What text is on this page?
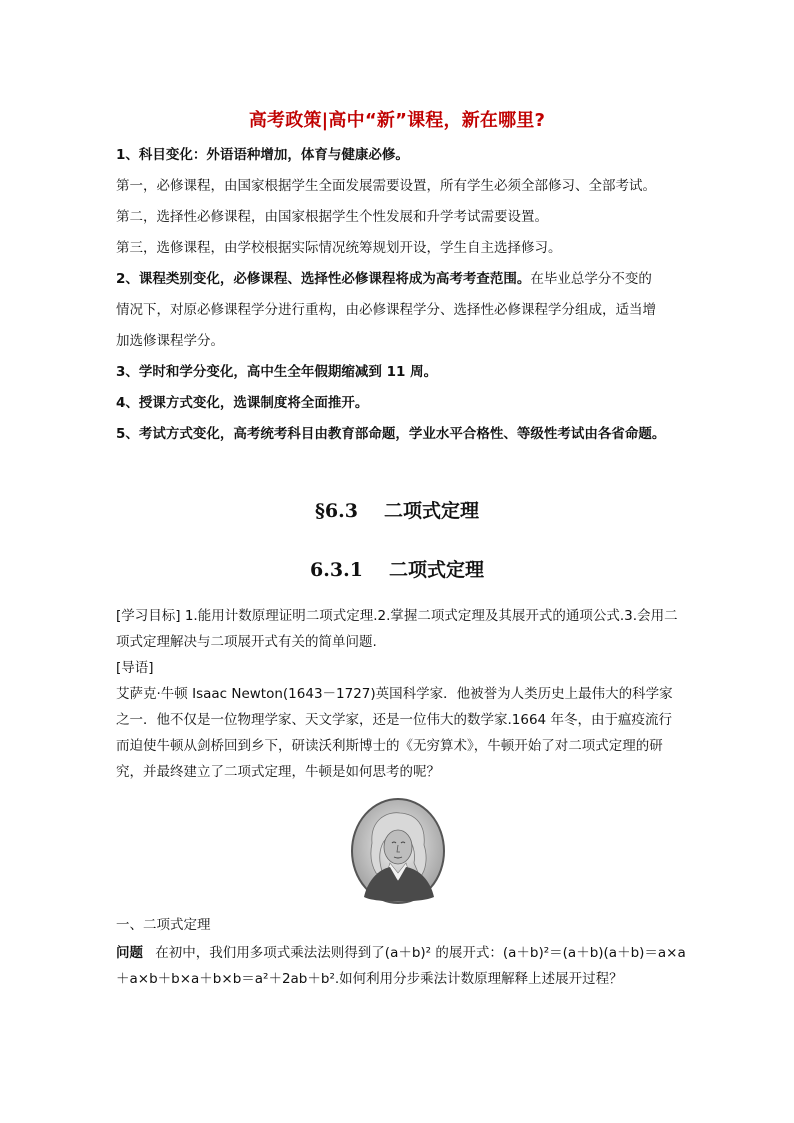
高考政策|高中“新”课程，新在哪里?
1、科目变化：外语语种增加，体育与健康必修。
第一，必修课程，由国家根据学生全面发展需要设置，所有学生必须全部修习、全部考试。
第二，选择性必修课程，由国家根据学生个性发展和升学考试需要设置。
第三，选修课程，由学校根据实际情况统筹规划开设，学生自主选择修习。
2、课程类别变化，必修课程、选择性必修课程将成为高考考查范围。在毕业总学分不变的
情况下，对原必修课程学分进行重构，由必修课程学分、选择性必修课程学分组成，适当增
加选修课程学分。
3、学时和学分变化，高中生全年假期缩减到 11 周。
4、授课方式变化，选课制度将全面推开。
5、考试方式变化，高考统考科目由教育部命题，学业水平合格性、等级性考试由各省命题。
§6.3 二项式定理
6.3.1 二项式定理
[学习目标] 1.能用计数原理证明二项式定理.2.掌握二项式定理及其展开式的通项公式.3.会用二项式定理解决与二项展开式有关的简单问题.
[导语]
艾萨克·牛顿 Isaac Newton(1643－1727)英国科学家．他被誉为人类历史上最伟大的科学家之一．他不仅是一位物理学家、天文学家，还是一位伟大的数学家.1664 年冬，由于瘟疫流行而迫使牛顿从剑桥回到乡下，研读沃利斯博士的《无穷算术》，牛顿开始了对二项式定理的研究，并最终建立了二项式定理，牛顿是如何思考的呢？
一、二项式定理
问题 在初中，我们用多项式乘法法则得到了(a＋b)² 的展开式：(a＋b)²＝(a＋b)(a＋b)＝a×a
＋a×b＋b×a＋b×b＝a²＋2ab＋b².如何利用分步乘法计数原理解释上述展开过程？
